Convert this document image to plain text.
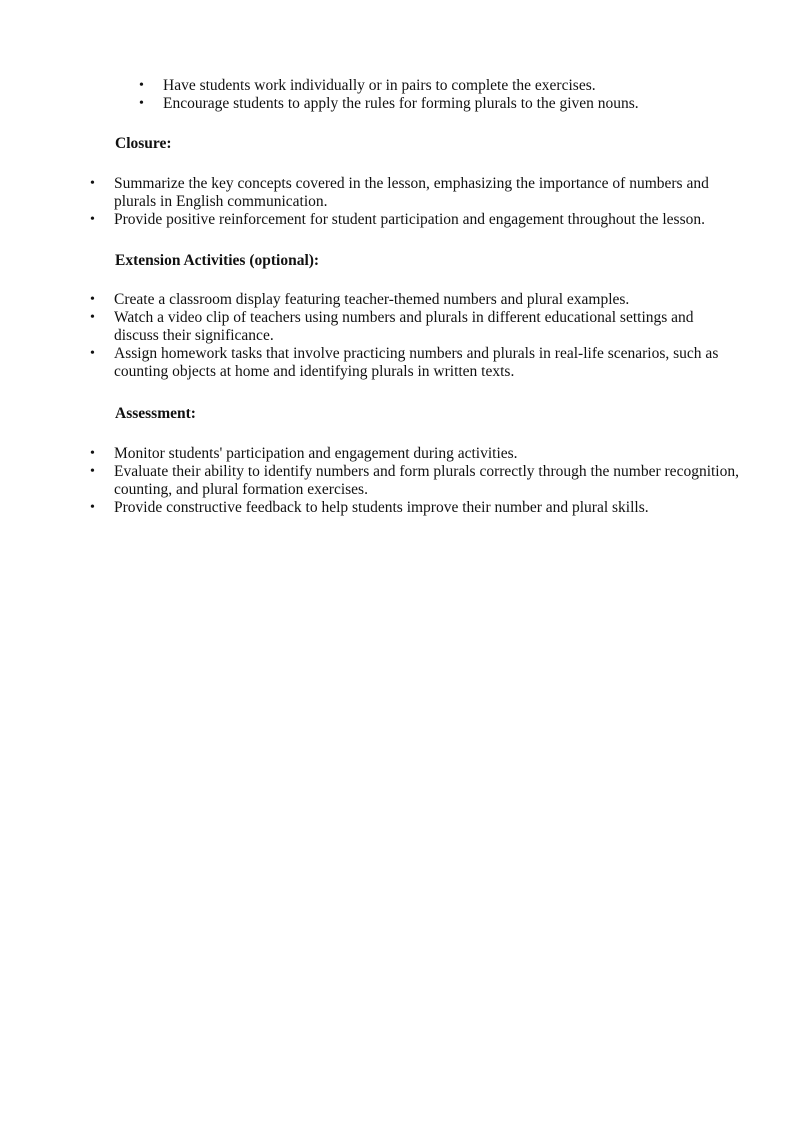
• Have students work individually or in pairs to complete the exercises.
• Encourage students to apply the rules for forming plurals to the given nouns.
Closure:
• Summarize the key concepts covered in the lesson, emphasizing the importance of numbers and plurals in English communication.
• Provide positive reinforcement for student participation and engagement throughout the lesson.
Extension Activities (optional):
• Create a classroom display featuring teacher-themed numbers and plural examples.
• Watch a video clip of teachers using numbers and plurals in different educational settings and discuss their significance.
• Assign homework tasks that involve practicing numbers and plurals in real-life scenarios, such as counting objects at home and identifying plurals in written texts.
Assessment:
• Monitor students' participation and engagement during activities.
• Evaluate their ability to identify numbers and form plurals correctly through the number recognition, counting, and plural formation exercises.
• Provide constructive feedback to help students improve their number and plural skills.
